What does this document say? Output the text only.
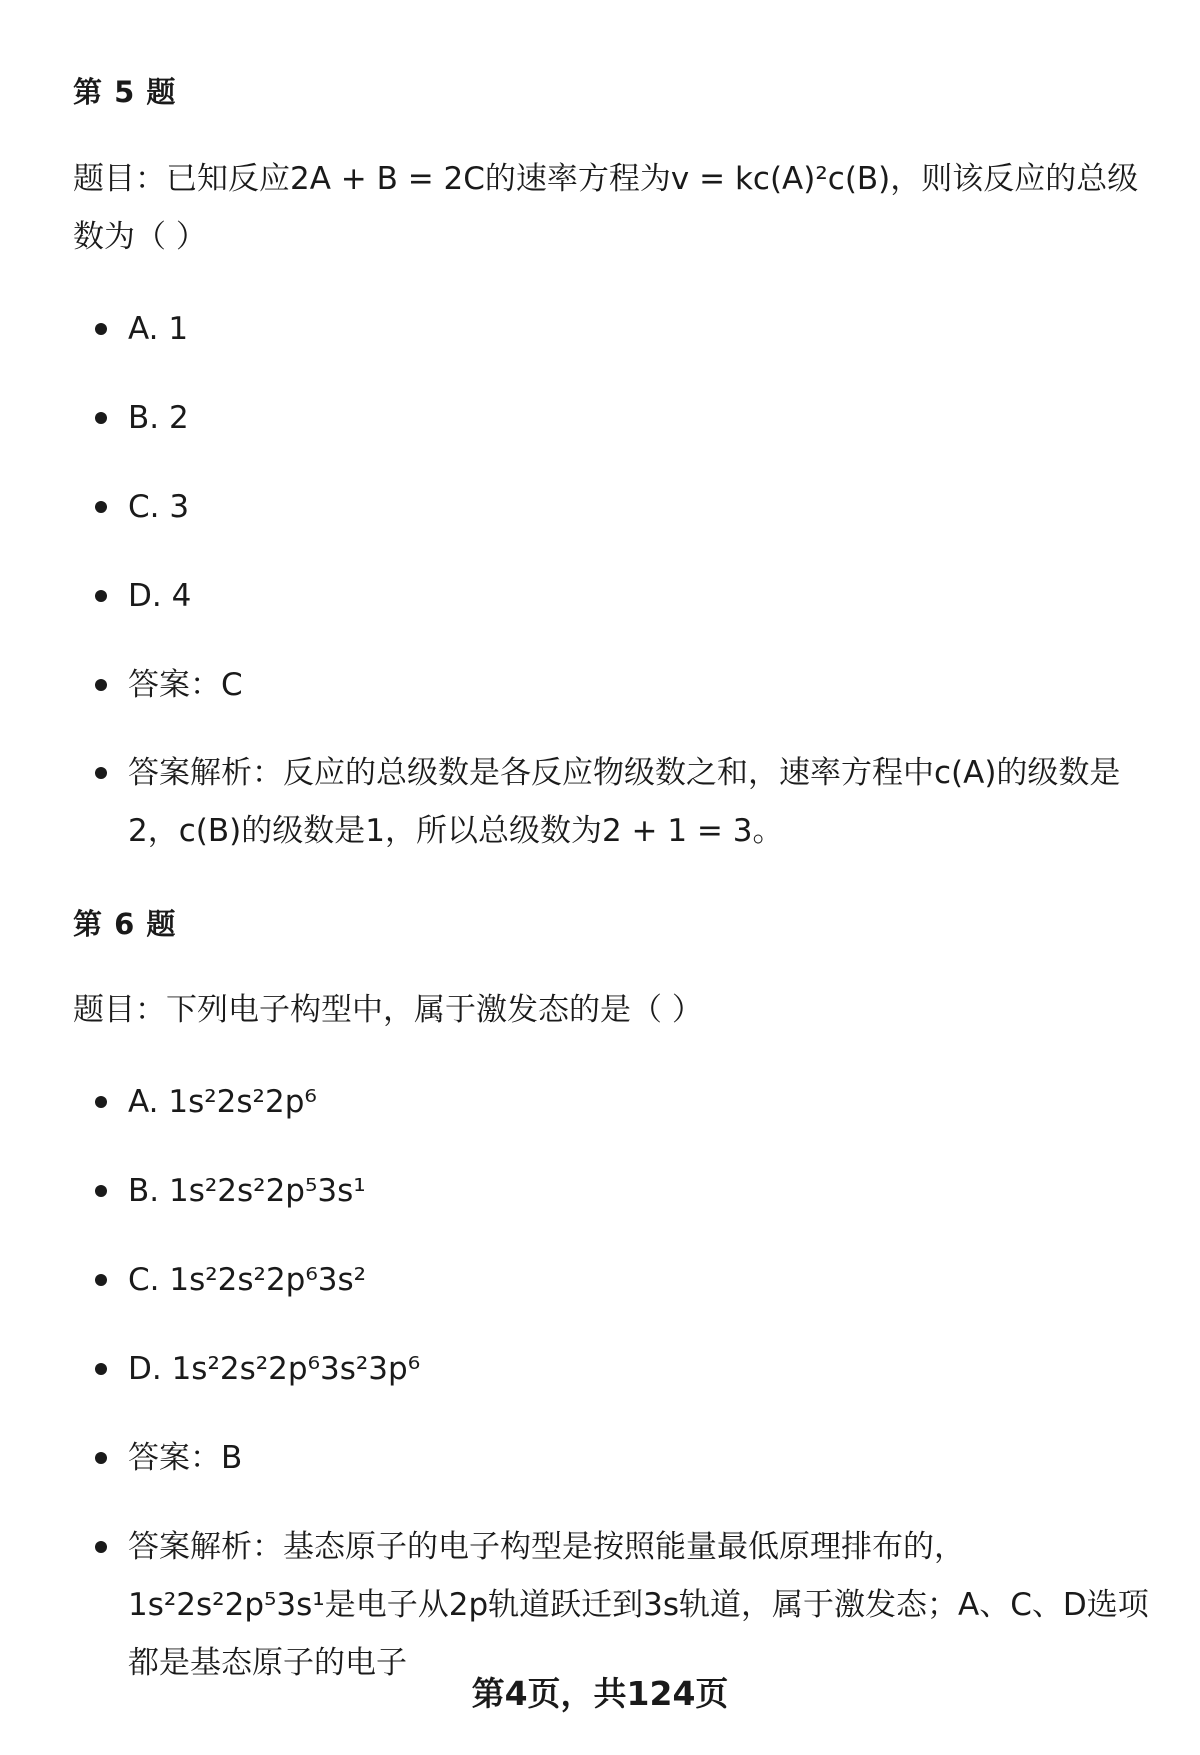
第 5 题
题目：已知反应2A + B = 2C的速率方程为v = kc(A)²c(B)，则该反应的总级数为（ ）
A. 1
B. 2
C. 3
D. 4
答案：C
答案解析：反应的总级数是各反应物级数之和，速率方程中c(A)的级数是2，c(B)的级数是1，所以总级数为2 + 1 = 3。
第 6 题
题目：下列电子构型中，属于激发态的是（ ）
A. 1s²2s²2p⁶
B. 1s²2s²2p⁵3s¹
C. 1s²2s²2p⁶3s²
D. 1s²2s²2p⁶3s²3p⁶
答案：B
答案解析：基态原子的电子构型是按照能量最低原理排布的，1s²2s²2p⁵3s¹是电子从2p轨道跃迁到3s轨道，属于激发态；A、C、D选项都是基态原子的电子
第4页，共124页
